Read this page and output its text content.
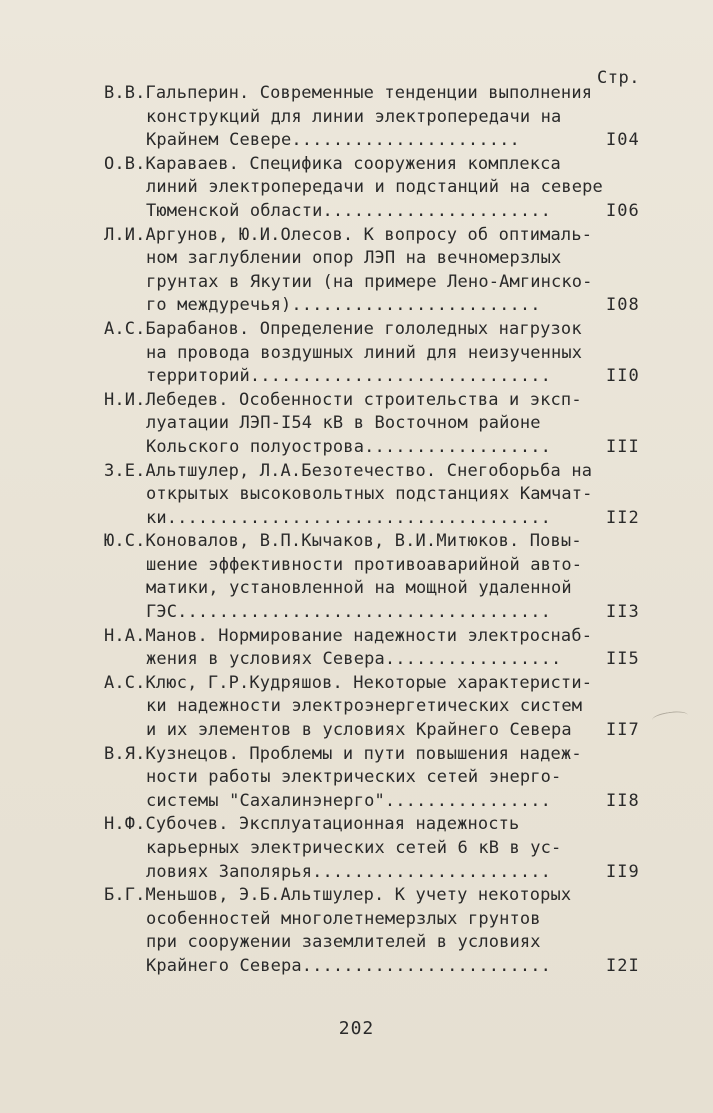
Стр.
В.В.Гальперин. Современные тенденции выполнения
конструкций для линии электропередачи на
Крайнем Севере......................	I04
О.В.Караваев. Специфика сооружения комплекса
линий электропередачи и подстанций на севере
Тюменской области......................	I06
Л.И.Аргунов, Ю.И.Олесов. К вопросу об оптималь-
ном заглублении опор ЛЭП на вечномерзлых
грунтах в Якутии (на примере Лено-Амгинско-
го междуречья)........................	I08
А.С.Барабанов. Определение гололедных нагрузок
на провода воздушных линий для неизученных
территорий.............................	II0
Н.И.Лебедев. Особенности строительства и эксп-
луатации ЛЭП-I54 кВ в Восточном районе
Кольского полуострова..................	III
З.Е.Альтшулер, Л.А.Безотечество. Снегоборьба на
открытых высоковольтных подстанциях Камчат-
ки.....................................	II2
Ю.С.Коновалов, В.П.Кычаков, В.И.Митюков. Повы-
шение эффективности противоаварийной авто-
матики, установленной на мощной удаленной
ГЭС....................................	II3
Н.А.Манов. Нормирование надежности электроснаб-
жения в условиях Севера.................	II5
А.С.Клюс, Г.Р.Кудряшов. Некоторые характеристи-
ки надежности электроэнергетических систем
и их элементов в условиях Крайнего Севера II7
В.Я.Кузнецов. Проблемы и пути повышения надеж-
ности работы электрических сетей энерго-
системы "Сахалинэнерго"................	II8
Н.Ф.Субочев. Эксплуатационная надежность
карьерных электрических сетей 6 кВ в ус-
ловиях Заполярья.......................	II9
Б.Г.Меньшов, Э.Б.Альтшулер. К учету некоторых
особенностей многолетнемерзлых грунтов
при сооружении заземлителей в условиях
Крайнего Севера........................	I2I
202
